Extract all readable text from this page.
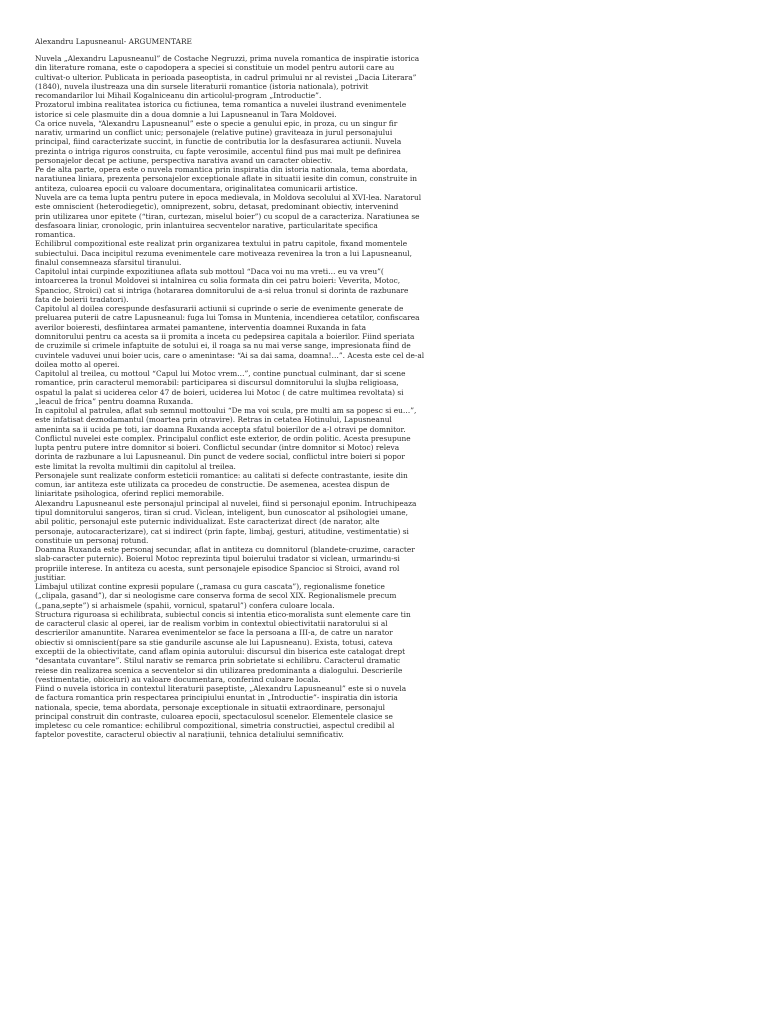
Alexandru Lapusneanul- ARGUMENTARE
Nuvela „Alexandru Lapusneanul” de Costache Negruzzi, prima nuvela romantica de inspiratie istorica
din literature romana, este o capodopera a speciei si constituie un model pentru autorii care au
cultivat-o ulterior. Publicata in perioada paseoptista, in cadrul primului nr al revistei „Dacia Literara”
(1840), nuvela ilustreaza una din sursele literaturii romantice (istoria nationala), potrivit
recomandarilor lui Mihail Kogalniceanu din articolul-program „Introductie”.
Prozatorul imbina realitatea istorica cu fictiunea, tema romantica a nuvelei ilustrand evenimentele
istorice si cele plasmuite din a doua domnie a lui Lapusneanul in Tara Moldovei.
Ca orice nuvela, “Alexandru Lapusneanul” este o specie a genului epic, in proza, cu un singur fir
narativ, urmarind un conflict unic; personajele (relative putine) graviteaza in jurul personajului
principal, fiind caracterizate succint, in functie de contributia lor la desfasurarea actiunii. Nuvela
prezinta o intriga riguros construita, cu fapte verosimile, accentul fiind pus mai mult pe definirea
personajelor decat pe actiune, perspectiva narativa avand un caracter obiectiv.
Pe de alta parte, opera este o nuvela romantica prin inspiratia din istoria nationala, tema abordata,
naratiunea liniara, prezenta personajelor exceptionale aflate in situatii iesite din comun, construite in
antiteza, culoarea epocii cu valoare documentara, originalitatea comunicarii artistice.
Nuvela are ca tema lupta pentru putere in epoca medievala, in Moldova secolului al XVI-lea. Naratorul
este omniscient (heterodiegetic), omniprezent, sobru, detasat, predominant obiectiv, intervenind
prin utilizarea unor epitete (“tiran, curtezan, miselul boier”) cu scopul de a caracteriza. Naratiunea se
desfasoara liniar, cronologic, prin inlantuirea secventelor narative, particularitate specifica
romantica.
Echilibrul compozitional este realizat prin organizarea textului in patru capitole, fixand momentele
subiectului. Daca incipitul rezuma evenimentele care motiveaza revenirea la tron a lui Lapusneanul,
finalul consemneaza sfarsitul tiranului.
Capitolul intai curpinde expozitiunea aflata sub mottoul “Daca voi nu ma vreti… eu va vreu”(
intoarcerea la tronul Moldovei si intalnirea cu solia formata din cei patru boieri: Veverita, Motoc,
Spancioc, Stroici) cat si intriga (hotararea domnitorului de a-si relua tronul si dorinta de razbunare
fata de boierii tradatori).
Capitolul al doilea corespunde desfasurarii actiunii si cuprinde o serie de evenimente generate de
preluarea puterii de catre Lapusneanul: fuga lui Tomsa in Muntenia, incendierea cetatilor, confiscarea
averilor boieresti, desfiintarea armatei pamantene, interventia doamnei Ruxanda in fata
domnitorului pentru ca acesta sa ii promita a inceta cu pedepsirea capitala a boierilor. Fiind speriata
de cruzimile si crimele infaptuite de sotului ei, il roaga sa nu mai verse sange, impresionata fiind de
cuvintele vaduvei unui boier ucis, care o amenintase: “Ai sa dai sama, doamna!…”. Acesta este cel de-al
doilea motto al operei.
Capitolul al treilea, cu mottoul “Capul lui Motoc vrem…”, contine punctual culminant, dar si scene
romantice, prin caracterul memorabil: participarea si discursul domnitorului la slujba religioasa,
ospatul la palat si uciderea celor 47 de boieri, uciderea lui Motoc ( de catre multimea revoltata) si
„leacul de frica” pentru doamna Ruxanda.
In capitolul al patrulea, aflat sub semnul mottoului “De ma voi scula, pre multi am sa popesc si eu…”,
este infatisat deznodamantul (moartea prin otravire). Retras in cetatea Hotinului, Lapusneanul
ameninta sa ii ucida pe toti, iar doamna Ruxanda accepta sfatul boierilor de a-l otravi pe domnitor.
Conflictul nuvelei este complex. Principalul conflict este exterior, de ordin politic. Acesta presupune
lupta pentru putere intre domnitor si boieri. Conflictul secundar (intre domnitor si Motoc) releva
dorinta de razbunare a lui Lapusneanul. Din punct de vedere social, conflictul intre boieri si popor
este limitat la revolta multimii din capitolul al treilea.
Personajele sunt realizate conform esteticii romantice: au calitati si defecte contrastante, iesite din
comun, iar antiteza este utilizata ca procedeu de constructie. De asemenea, acestea dispun de
liniaritate psihologica, oferind replici memorabile.
Alexandru Lapusneanul este personajul principal al nuvelei, fiind si personajul eponim. Intruchipeaza
tipul domnitorului sangeros, tiran si crud. Viclean, inteligent, bun cunoscator al psihologiei umane,
abil politic, personajul este puternic individualizat. Este caracterizat direct (de narator, alte
personaje, autocaracterizare), cat si indirect (prin fapte, limbaj, gesturi, atitudine, vestimentatie) si
constituie un personaj rotund.
Doamna Ruxanda este personaj secundar, aflat in antiteza cu domnitorul (blandete-cruzime, caracter
slab-caracter puternic). Boierul Motoc reprezinta tipul boierului tradator si viclean, urmarindu-si
propriile interese. In antiteza cu acesta, sunt personajele episodice Spancioc si Stroici, avand rol
justitiar.
Limbajul utilizat contine expresii populare („ramasa cu gura cascata”), regionalisme fonetice
(„clipala, gasand”), dar si neologisme care conserva forma de secol XIX. Regionalismele precum
(„pana,septe”) si arhaismele (spahii, vornicul, spatarul”) confera culoare locala.
Structura riguroasa si echilibrata, subiectul concis si intentia etico-moralista sunt elemente care tin
de caracterul clasic al operei, iar de realism vorbim in contextul obiectivitatii naratorului si al
descrierilor amanuntite. Nararea evenimentelor se face la persoana a III-a, de catre un narator
obiectiv si omniscient(pare sa stie gandurile ascunse ale lui Lapusneanu). Exista, totusi, cateva
exceptii de la obiectivitate, cand aflam opinia autorului: discursul din biserica este catalogat drept
“desantata cuvantare”. Stilul narativ se remarca prin sobrietate si echilibru. Caracterul dramatic
reiese din realizarea scenica a secventelor si din utilizarea predominanta a dialogului. Descrierile
(vestimentatie, obiceiuri) au valoare documentara, conferind culoare locala.
Fiind o nuvela istorica in contextul literaturii paseptiste, „Alexandru Lapusneanul” este si o nuvela
de factura romantica prin respectarea principiului enuntat in „Introductie”- inspiratia din istoria
nationala, specie, tema abordata, personaje exceptionale in situatii extraordinare, personajul
principal construit din contraste, culoarea epocii, spectaculosul scenelor. Elementele clasice se
impletesc cu cele romantice: echilibrul compozitional, simetria constructiei, aspectul credibil al
faptelor povestite, caracterul obiectiv al narațiunii, tehnica detaliului semnificativ.
